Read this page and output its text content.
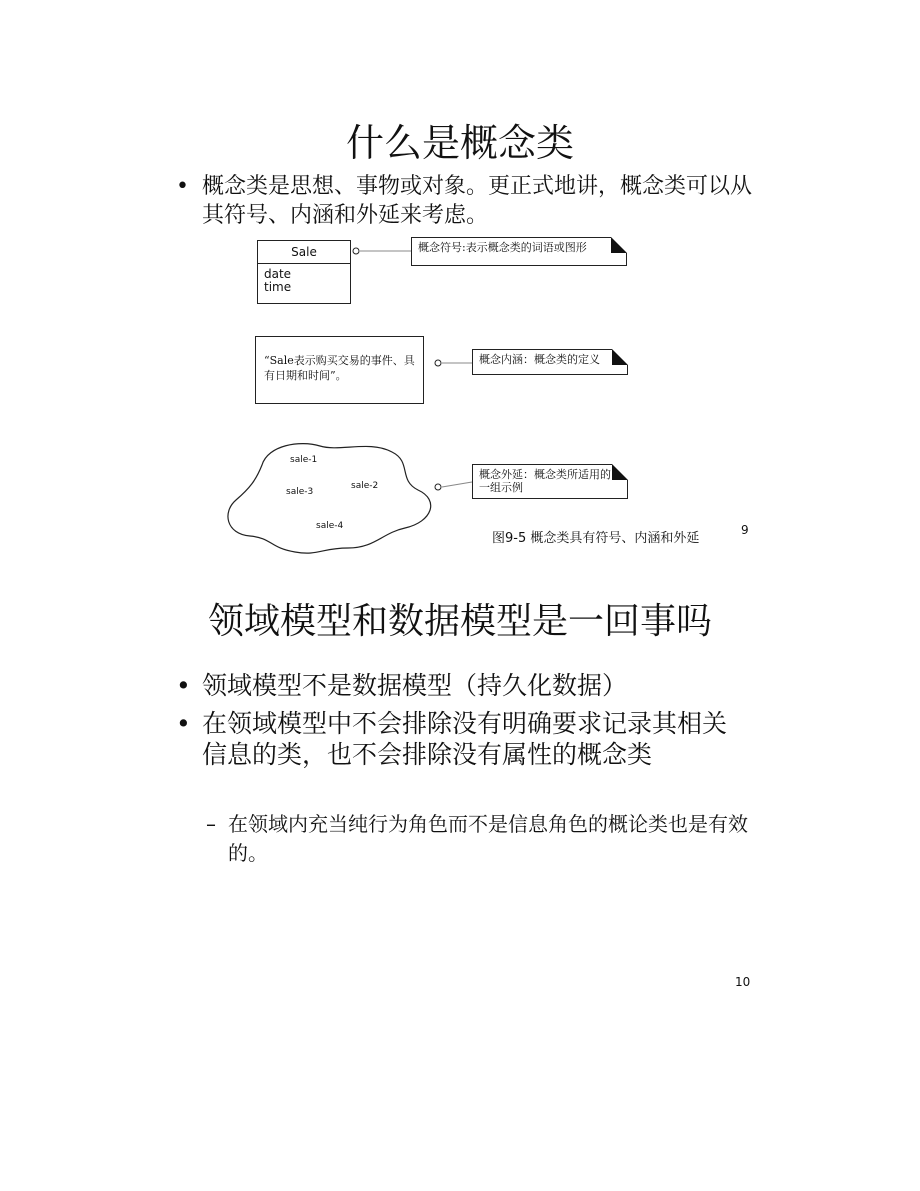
什么是概念类
• 概念类是思想、事物或对象。更正式地讲，概念类可以从其符号、内涵和外延来考虑。
Sale
date
time
概念符号:表示概念类的词语或图形
“Sale表示购买交易的事件、具有日期和时间”。
概念内涵：概念类的定义
sale-1
sale-3
sale-2
sale-4
概念外延：概念类所适用的一组示例
图9-5 概念类具有符号、内涵和外延
9
领域模型和数据模型是一回事吗
• 领域模型不是数据模型（持久化数据）
• 在领域模型中不会排除没有明确要求记录其相关信息的类，也不会排除没有属性的概念类
– 在领域内充当纯行为角色而不是信息角色的概论类也是有效的。
10
